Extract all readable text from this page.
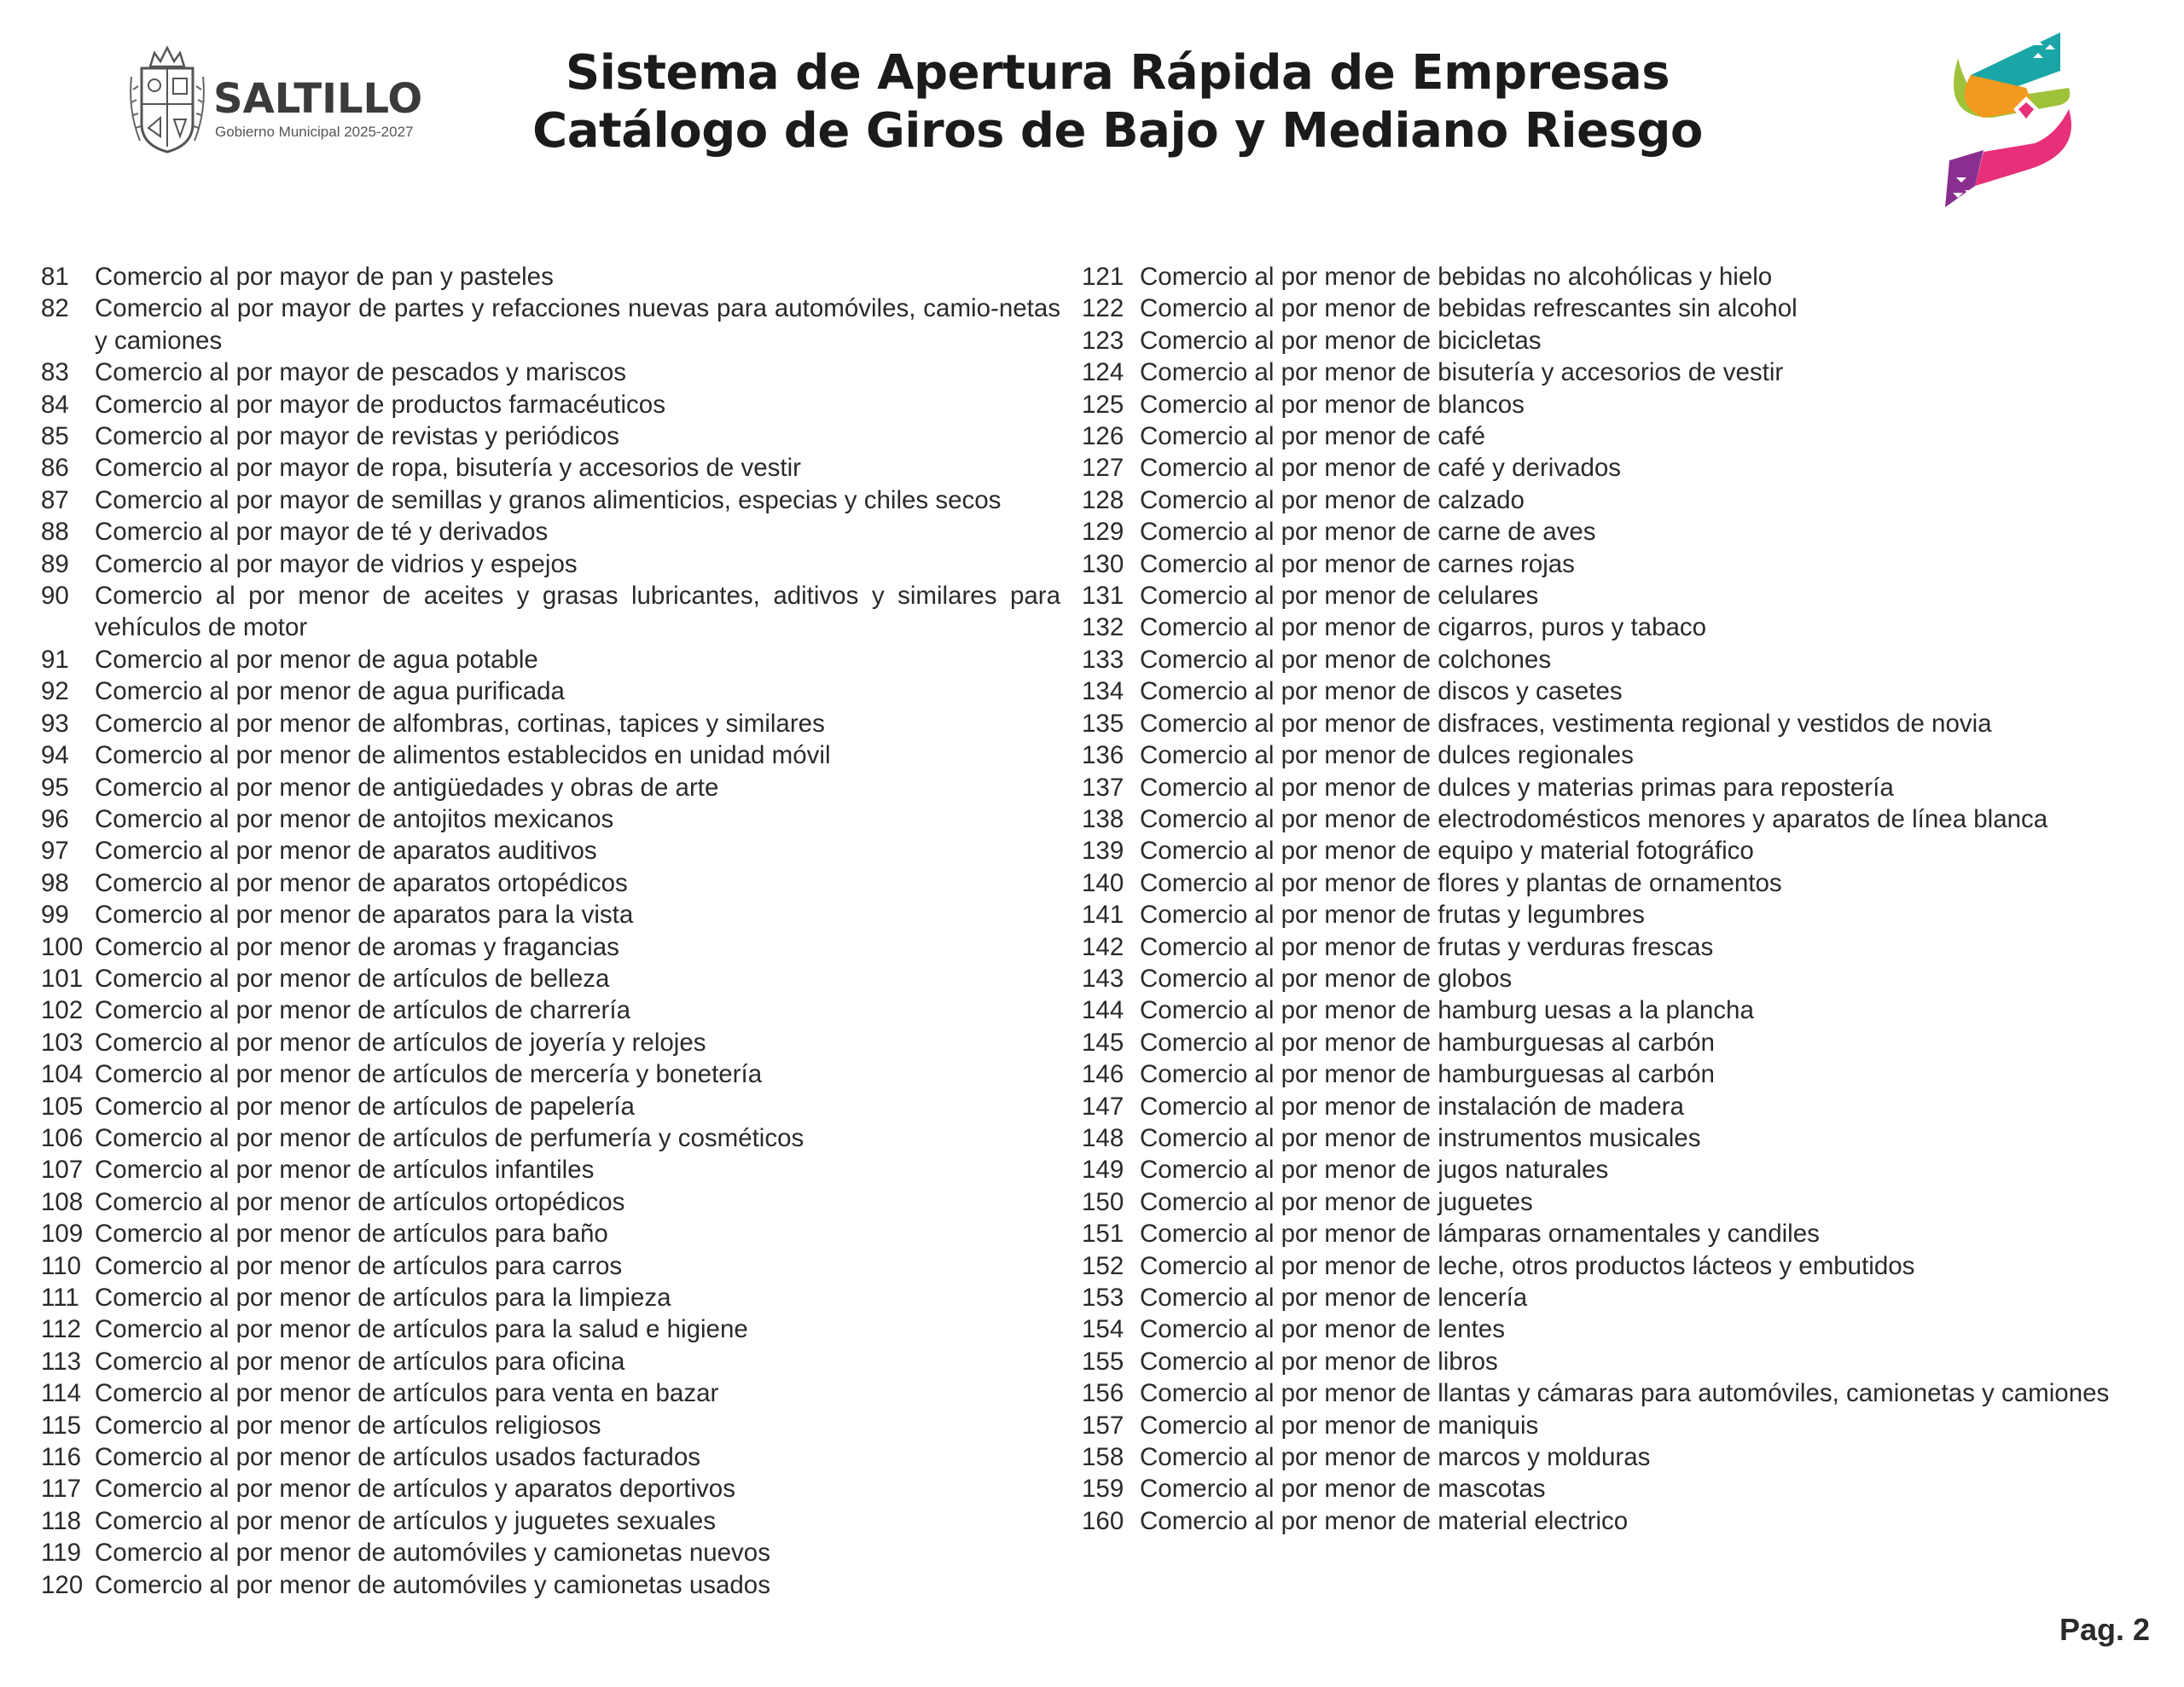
SALTILLO
Gobierno Municipal 2025-2027
Sistema de Apertura Rápida de Empresas
Catálogo de Giros de Bajo y Mediano Riesgo
81	Comercio al por mayor de pan y pasteles
82	Comercio al por mayor de partes y refacciones nuevas para automóviles, camio-netas y camiones
83	Comercio al por mayor de pescados y mariscos
84	Comercio al por mayor de productos farmacéuticos
85	Comercio al por mayor de revistas y periódicos
86	Comercio al por mayor de ropa, bisutería y accesorios de vestir
87	Comercio al por mayor de semillas y granos alimenticios, especias y chiles secos
88	Comercio al por mayor de té y derivados
89	Comercio al por mayor de vidrios y espejos
90	Comercio al por menor de aceites y grasas lubricantes, aditivos y similares para vehículos de motor
91	Comercio al por menor de agua potable
92	Comercio al por menor de agua purificada
93	Comercio al por menor de alfombras, cortinas, tapices y similares
94	Comercio al por menor de alimentos establecidos en unidad móvil
95	Comercio al por menor de antigüedades y obras de arte
96	Comercio al por menor de antojitos mexicanos
97	Comercio al por menor de aparatos auditivos
98	Comercio al por menor de aparatos ortopédicos
99	Comercio al por menor de aparatos para la vista
100 Comercio al por menor de aromas y fragancias
101 Comercio al por menor de artículos de belleza
102 Comercio al por menor de artículos de charrería
103 Comercio al por menor de artículos de joyería y relojes
104 Comercio al por menor de artículos de mercería y bonetería
105 Comercio al por menor de artículos de papelería
106 Comercio al por menor de artículos de perfumería y cosméticos
107 Comercio al por menor de artículos infantiles
108 Comercio al por menor de artículos ortopédicos
109 Comercio al por menor de artículos para baño
110 Comercio al por menor de artículos para carros
111 Comercio al por menor de artículos para la limpieza
112 Comercio al por menor de artículos para la salud e higiene
113 Comercio al por menor de artículos para oficina
114 Comercio al por menor de artículos para venta en bazar
115 Comercio al por menor de artículos religiosos
116 Comercio al por menor de artículos usados facturados
117 Comercio al por menor de artículos y aparatos deportivos
118 Comercio al por menor de artículos y juguetes sexuales
119 Comercio al por menor de automóviles y camionetas nuevos
120 Comercio al por menor de automóviles y camionetas usados
121 Comercio al por menor de bebidas no alcohólicas y hielo
122 Comercio al por menor de bebidas refrescantes sin alcohol
123 Comercio al por menor de bicicletas
124 Comercio al por menor de bisutería y accesorios de vestir
125 Comercio al por menor de blancos
126 Comercio al por menor de café
127 Comercio al por menor de café y derivados
128 Comercio al por menor de calzado
129 Comercio al por menor de carne de aves
130 Comercio al por menor de carnes rojas
131 Comercio al por menor de celulares
132 Comercio al por menor de cigarros, puros y tabaco
133 Comercio al por menor de colchones
134 Comercio al por menor de discos y casetes
135 Comercio al por menor de disfraces, vestimenta regional y vestidos de novia
136 Comercio al por menor de dulces regionales
137 Comercio al por menor de dulces y materias primas para repostería
138 Comercio al por menor de electrodomésticos menores y aparatos de línea blanca
139 Comercio al por menor de equipo y material fotográfico
140 Comercio al por menor de flores y plantas de ornamentos
141 Comercio al por menor de frutas y legumbres
142 Comercio al por menor de frutas y verduras frescas
143 Comercio al por menor de globos
144 Comercio al por menor de hamburg uesas a la plancha
145 Comercio al por menor de hamburguesas al carbón
146 Comercio al por menor de hamburguesas al carbón
147 Comercio al por menor de instalación de madera
148 Comercio al por menor de instrumentos musicales
149 Comercio al por menor de jugos naturales
150 Comercio al por menor de juguetes
151 Comercio al por menor de lámparas ornamentales y candiles
152 Comercio al por menor de leche, otros productos lácteos y embutidos
153 Comercio al por menor de lencería
154 Comercio al por menor de lentes
155 Comercio al por menor de libros
156 Comercio al por menor de llantas y cámaras para automóviles, camionetas y camiones
157 Comercio al por menor de maniquis
158 Comercio al por menor de marcos y molduras
159 Comercio al por menor de mascotas
160 Comercio al por menor de material electrico
Pag. 2
